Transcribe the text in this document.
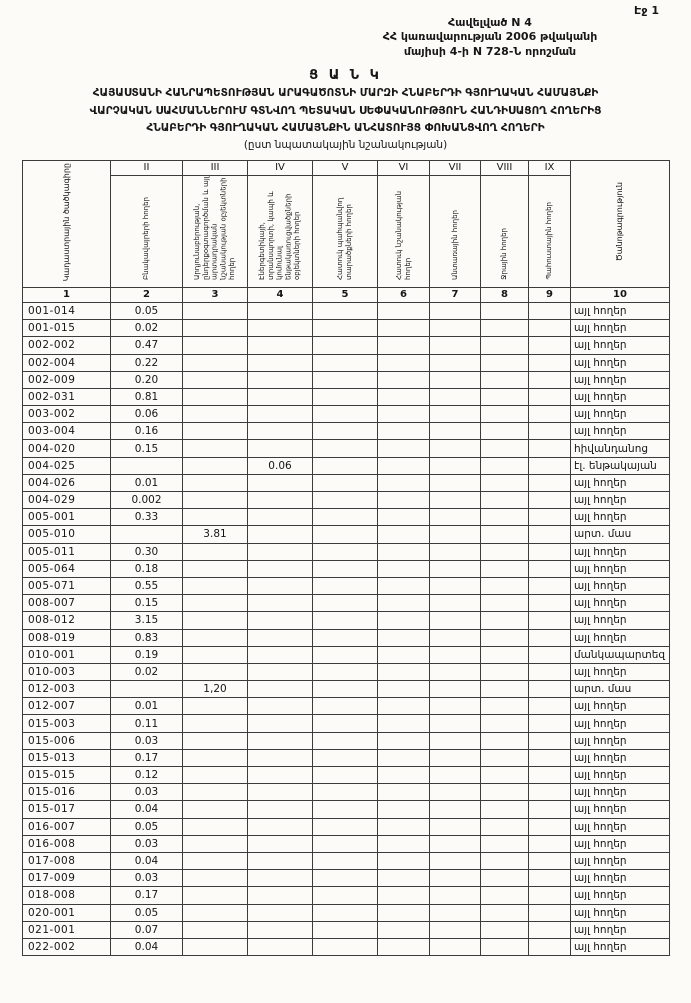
Էջ 1
Հավելված N 4
ՀՀ կառավարության 2006 թվականի
մայիսի 4-ի N 728-Ն որոշման
Ց Ա Ն Կ
ՀԱՅԱՍՏԱՆԻ ՀԱՆՐԱՊԵՏՈՒԹՅԱՆ ԱՐԱԳԱԾՈՏՆԻ ՄԱՐԶԻ ՀՆԱԲԵՐԴԻ ԳՅՈՒՂԱԿԱՆ ՀԱՄԱՅՆՔԻ
ՎԱՐՉԱԿԱՆ ՍԱՀՄԱՆՆԵՐՈՒՄ ԳՏՆՎՈՂ ՊԵՏԱԿԱՆ ՍԵՓԱԿԱՆՈՒԹՅՈՒՆ ՀԱՆԴԻՍԱՑՈՂ ՀՈՂԵՐԻՑ
ՀՆԱԲԵՐԴԻ ԳՅՈՒՂԱԿԱՆ ՀԱՄԱՅՆՔԻՆ ԱՆՀԱՏՈՒՅՑ ՓՈԽԱՆՑՎՈՂ ՀՈՂԵՐԻ
(ըստ նպատակային նշանակության)
Կադաստրային ծածկագիրը	II	III	IV	V	VI	VII	VIII	IX	Ծանոթագրություն
	Բնակավայրերի հողեր	Արդյունաբերության, ընդերքօգտագործման և այլ արտադրական նշանակության օբյեկտների հողեր	Էներգետիկայի, տրանսպորտի, կապի և կոմունալ ենթակառուցվածքների օբյեկտների հողեր	Հատուկ պահպանվող տարածքների հողեր	Հատուկ նշանակության հողեր	Անտառային հողեր	Ջրային հողեր	Պահուստային հողեր	
1	2	3	4	5	6	7	8	9	10
001-014	0.05								այլ հողեր
001-015	0.02								այլ հողեր
002-002	0.47								այլ հողեր
002-004	0.22								այլ հողեր
002-009	0.20								այլ հողեր
002-031	0.81								այլ հողեր
003-002	0.06								այլ հողեր
003-004	0.16								այլ հողեր
004-020	0.15								հիվանդանոց
004-025			0.06						էլ. ենթակայան
004-026	0.01								այլ հողեր
004-029	0.002								այլ հողեր
005-001	0.33								այլ հողեր
005-010		3.81							արտ. մաս
005-011	0.30								այլ հողեր
005-064	0.18								այլ հողեր
005-071	0.55								այլ հողեր
008-007	0.15								այլ հողեր
008-012	3.15								այլ հողեր
008-019	0.83								այլ հողեր
010-001	0.19								մանկապարտեզ
010-003	0.02								այլ հողեր
012-003		1,20							արտ. մաս
012-007	0.01								այլ հողեր
015-003	0.11								այլ հողեր
015-006	0.03								այլ հողեր
015-013	0.17								այլ հողեր
015-015	0.12								այլ հողեր
015-016	0.03								այլ հողեր
015-017	0.04								այլ հողեր
016-007	0.05								այլ հողեր
016-008	0.03								այլ հողեր
017-008	0.04								այլ հողեր
017-009	0.03								այլ հողեր
018-008	0.17								այլ հողեր
020-001	0.05								այլ հողեր
021-001	0.07								այլ հողեր
022-002	0.04								այլ հողեր
